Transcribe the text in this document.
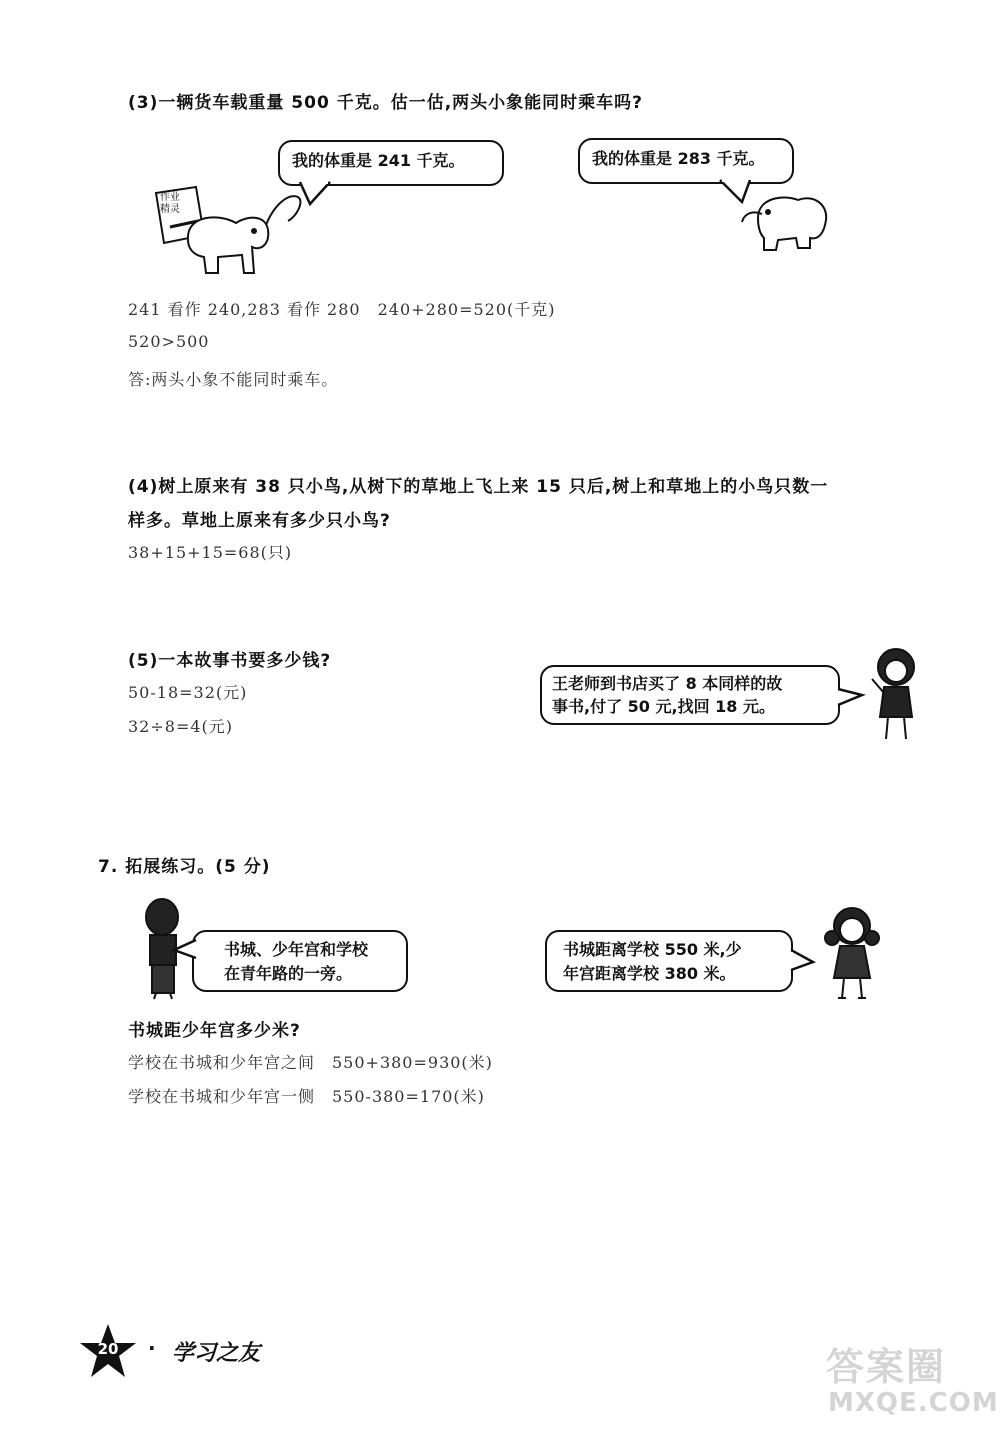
(3)一辆货车载重量 500 千克。估一估,两头小象能同时乘车吗?
作业 精灵
我的体重是 241 千克。	我的体重是 283 千克。
241 看作 240,283 看作 280　240+280=520(千克)
520>500
答:两头小象不能同时乘车。
(4)树上原来有 38 只小鸟,从树下的草地上飞上来 15 只后,树上和草地上的小鸟只数一
样多。草地上原来有多少只小鸟?
38+15+15=68(只)
(5)一本故事书要多少钱?
50-18=32(元)
32÷8=4(元)
王老师到书店买了 8 本同样的故
事书,付了 50 元,找回 18 元。
7. 拓展练习。(5 分)
书城、少年宫和学校
在青年路的一旁。
书城距离学校 550 米,少
年宫距离学校 380 米。
书城距少年宫多少米?
学校在书城和少年宫之间　550+380=930(米)
学校在书城和少年宫一侧　550-380=170(米)
20	· 学习之友	答案圈
MXQE.COM
